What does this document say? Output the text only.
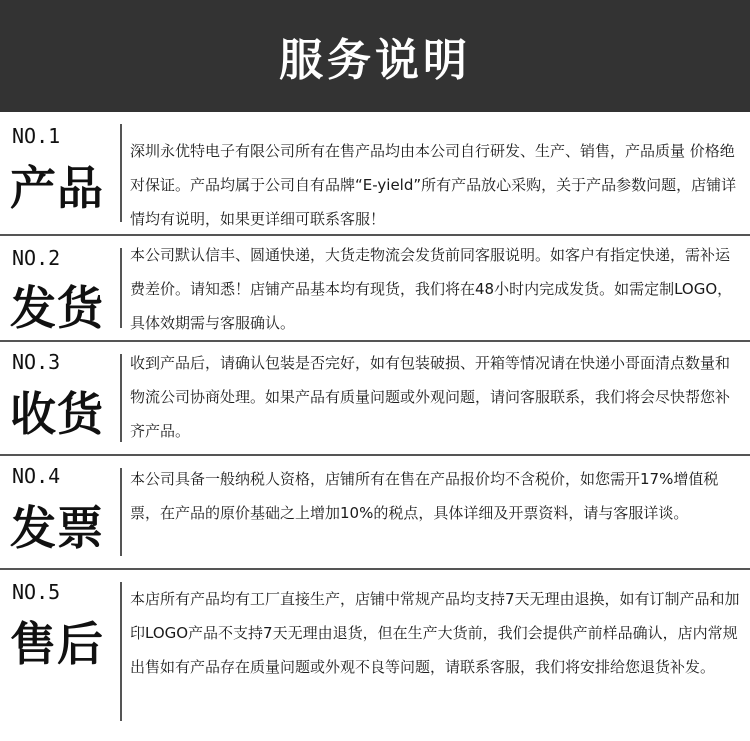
服务说明
NO.1
产品
深圳永优特电子有限公司所有在售产品均由本公司自行研发、生产、销售，产品质量 价格绝对保证。产品均属于公司自有品牌“E-yield”所有产品放心采购，关于产品参数问题，店铺详情均有说明，如果更详细可联系客服！
NO.2
发货
本公司默认信丰、圆通快递，大货走物流会发货前同客服说明。如客户有指定快递，需补运费差价。请知悉！店铺产品基本均有现货，我们将在48小时内完成发货。如需定制LOGO，具体效期需与客服确认。
NO.3
收货
收到产品后，请确认包装是否完好，如有包装破损、开箱等情况请在快递小哥面清点数量和物流公司协商处理。如果产品有质量问题或外观问题，请问客服联系，我们将会尽快帮您补齐产品。
NO.4
发票
本公司具备一般纳税人资格，店铺所有在售在产品报价均不含税价，如您需开17%增值税票，在产品的原价基础之上增加10%的税点，具体详细及开票资料，请与客服详谈。
NO.5
售后
本店所有产品均有工厂直接生产，店铺中常规产品均支持7天无理由退换，如有订制产品和加印LOGO产品不支持7天无理由退货，但在生产大货前，我们会提供产前样品确认，店内常规出售如有产品存在质量问题或外观不良等问题，请联系客服，我们将安排给您退货补发。
